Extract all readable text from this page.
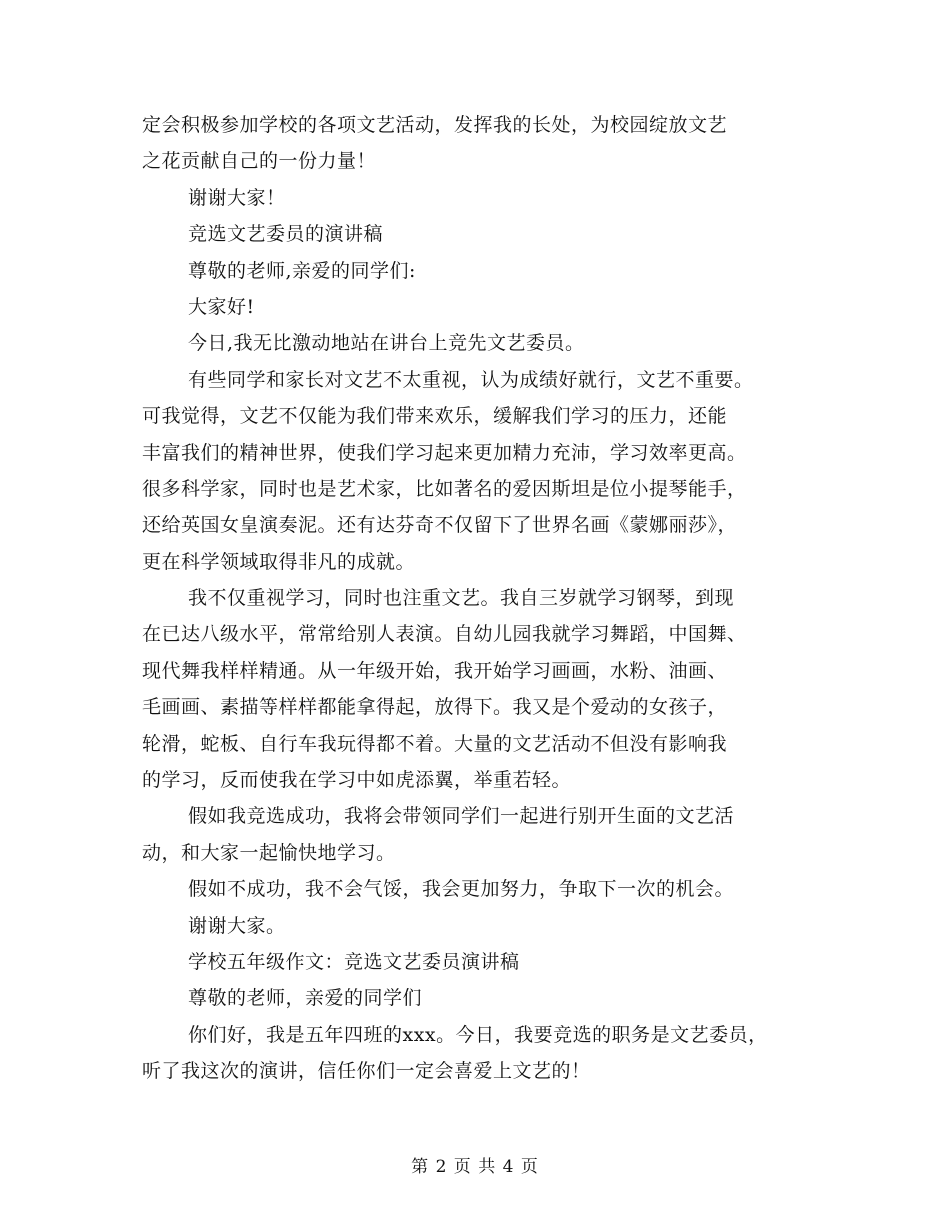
定会积极参加学校的各项文艺活动，发挥我的长处，为校园绽放文艺
之花贡献自己的一份力量！
谢谢大家！
竞选文艺委员的演讲稿
尊敬的老师,亲爱的同学们:
大家好!
今日,我无比激动地站在讲台上竞先文艺委员。
有些同学和家长对文艺不太重视，认为成绩好就行，文艺不重要。
可我觉得，文艺不仅能为我们带来欢乐，缓解我们学习的压力，还能
丰富我们的精神世界，使我们学习起来更加精力充沛，学习效率更高。
很多科学家，同时也是艺术家，比如著名的爱因斯坦是位小提琴能手，
还给英国女皇演奏泥。还有达芬奇不仅留下了世界名画《蒙娜丽莎》，
更在科学领域取得非凡的成就。
我不仅重视学习，同时也注重文艺。我自三岁就学习钢琴，到现
在已达八级水平，常常给别人表演。自幼儿园我就学习舞蹈，中国舞、
现代舞我样样精通。从一年级开始，我开始学习画画，水粉、油画、
毛画画、素描等样样都能拿得起，放得下。我又是个爱动的女孩子，
轮滑，蛇板、自行车我玩得都不着。大量的文艺活动不但没有影响我
的学习，反而使我在学习中如虎添翼，举重若轻。
假如我竞选成功，我将会带领同学们一起进行别开生面的文艺活
动，和大家一起愉快地学习。
假如不成功，我不会气馁，我会更加努力，争取下一次的机会。
谢谢大家。
学校五年级作文：竞选文艺委员演讲稿
尊敬的老师，亲爱的同学们
你们好，我是五年四班的xxx。今日，我要竞选的职务是文艺委员，
听了我这次的演讲，信任你们一定会喜爱上文艺的！
第 2 页 共 4 页
